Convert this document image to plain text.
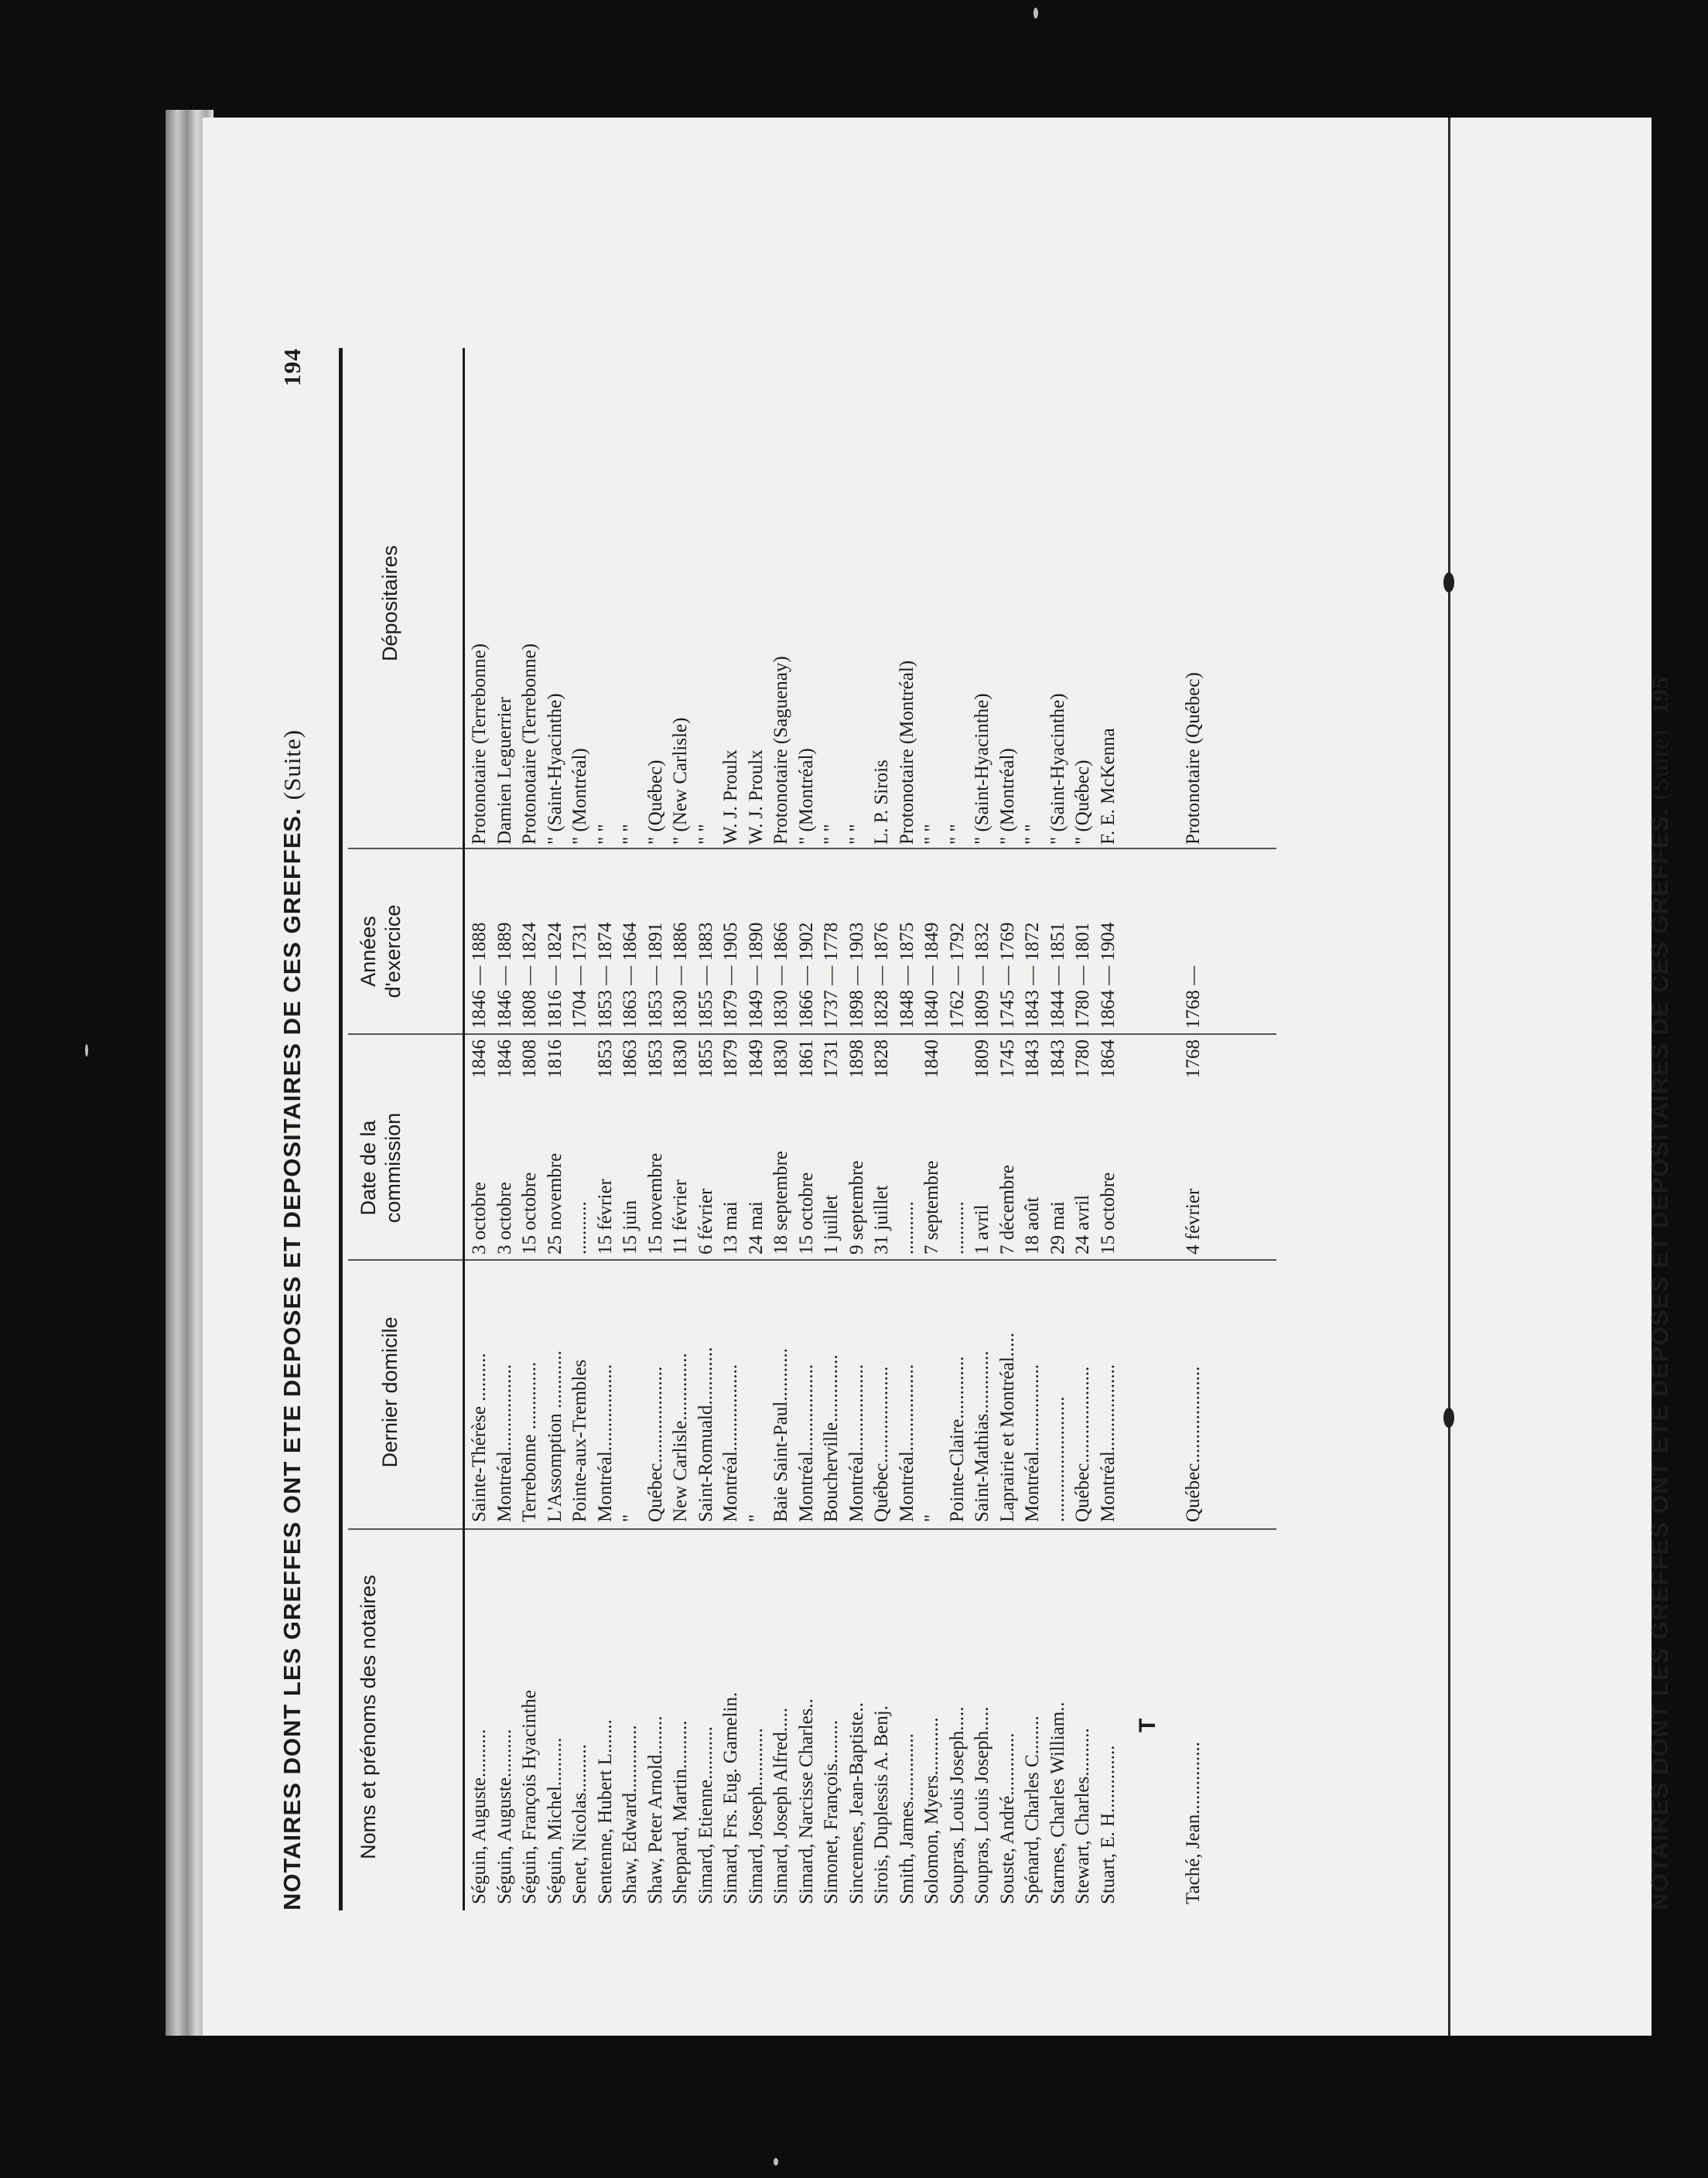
NOTAIRES DONT LES GREFFES ONT ETE DEPOSES ET DEPOSITAIRES DE CES GREFFES.(Suite)
194
Noms et prénoms des notaires
Dernier domicile
Date de la commission
Années d'exercice
Dépositaires
Séguin, Auguste..........
Sainte-Thérèse ..........
3 octobre
1846
1846 — 1888
Protonotaire (Terrebonne)
Séguin, Auguste..........
Montréal..................
3 octobre
1846
1846 — 1889
Damien Leguerrier
Séguin, François Hyacinthe
Terrebonne ..............
15 octobre
1808
1808 — 1824
Protonotaire (Terrebonne)
Séguin, Michel..........
L'Assomption ............
25 novembre
1816
1816 — 1824
" (Saint-Hyacinthe)
Senet, Nicolas..........
Pointe-aux-Trembles
...........
1704 — 1731
" (Montréal)
Sentenne, Hubert L.......
Montréal..................
15 février
1853
1853 — 1874
" "
Shaw, Edward..............
"
15 juin
1863
1863 — 1864
" "
Shaw, Peter Arnold........
Québec....................
15 novembre
1853
1853 — 1891
" (Québec)
Sheppard, Martin..........
New Carlisle..............
11 février
1830
1830 — 1886
" (New Carlisle)
Simard, Etienne...........
Saint-Romuald............
6 février
1855
1855 — 1883
" "
Simard, Frs. Eug. Gamelin.
Montréal..................
13 mai
1879
1879 — 1905
W. J. Proulx
Simard, Joseph............
"
24 mai
1849
1849 — 1890
W. J. Proulx
Simard, Joseph Alfred.....
Baie Saint-Paul...........
18 septembre
1830
1830 — 1866
Protonotaire (Saguenay)
Simard, Narcisse Charles..
Montréal..................
15 octobre
1861
1866 — 1902
" (Montréal)
Simonet, François.........
Boucherville..............
1 juillet
1731
1737 — 1778
" "
Sincennes, Jean-Baptiste..
Montréal..................
9 septembre
1898
1898 — 1903
" "
Sirois, Duplessis A. Benj.
Québec....................
31 juillet
1828
1828 — 1876
L. P. Sirois
Smith, James..............
Montréal..................
...........
1848 — 1875
Protonotaire (Montréal)
Solomon, Myers............
"
7 septembre
1840
1840 — 1849
" "
Soupras, Louis Joseph.....
Pointe-Claire.............
...........
1762 — 1792
" "
Soupras, Louis Joseph.....
Saint-Mathias.............
1 avril
1809
1809 — 1832
" (Saint-Hyacinthe)
Souste, André.............
Laprairie et Montréal.....
7 décembre
1745
1745 — 1769
" (Montréal)
Spénard, Charles C........
Montréal..................
18 août
1843
1843 — 1872
" "
Starnes, Charles William..
..........................
29 mai
1843
1844 — 1851
" (Saint-Hyacinthe)
Stewart, Charles..........
Québec....................
24 avril
1780
1780 — 1801
" (Québec)
Stuart, E. H..............
Montréal..................
15 octobre
1864
1864 — 1904
F. E. McKenna
T
Taché, Jean...............
Québec....................
4 février
1768
1768 —
Protonotaire (Québec)
NOTAIRES DONT LES GREFFES ONT ETE DEPOSES ET DEPOSITAIRES DE CES GREFFES.(Suite) 195
